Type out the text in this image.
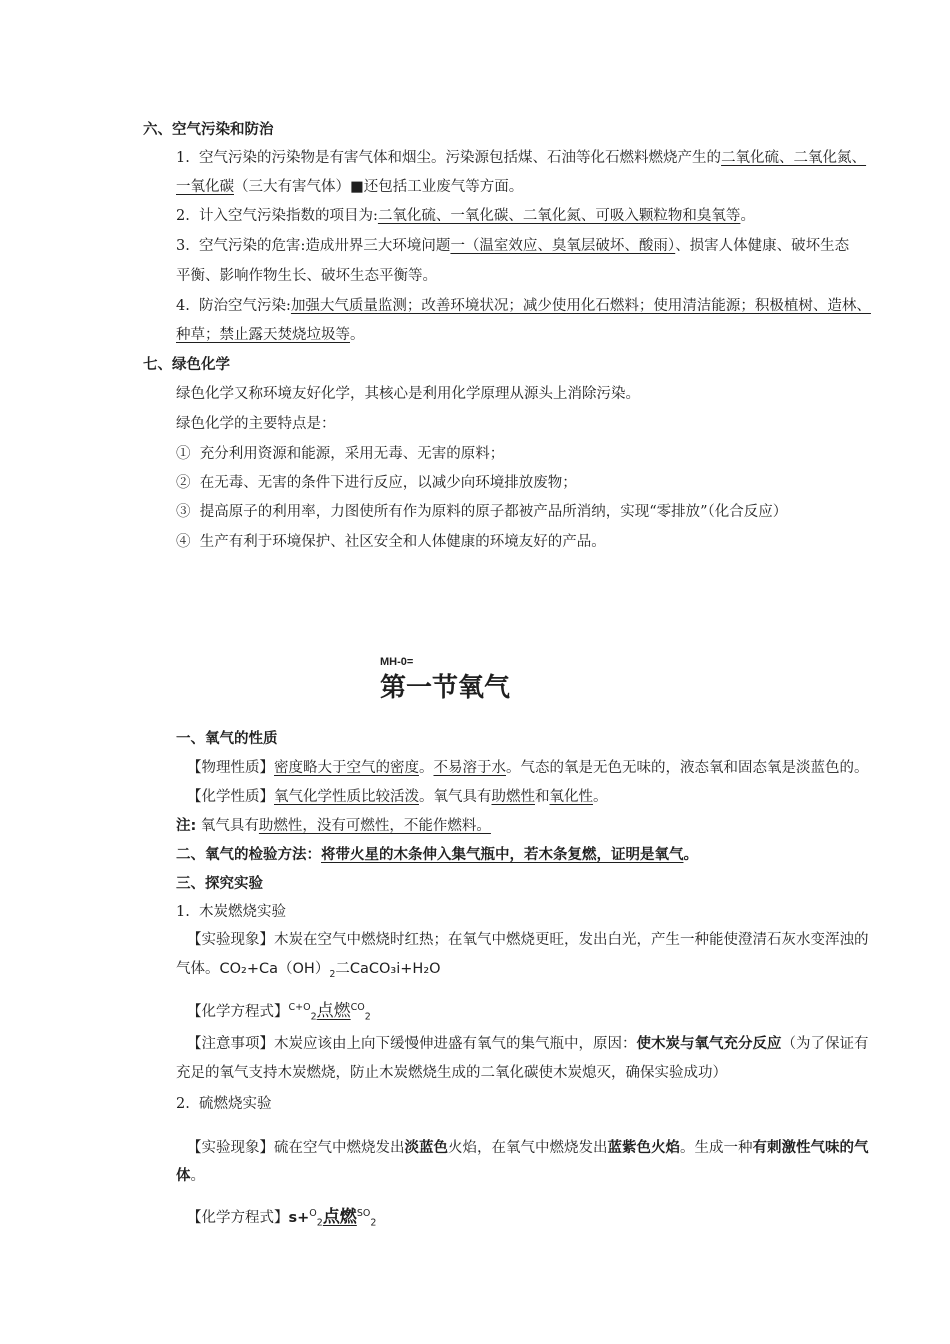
六、空气污染和防治
1.  空气污染的污染物是有害气体和烟尘。污染源包括煤、石油等化石燃料燃烧产生的二氧化硫、二氧化氮、
一氧化碳（三大有害气体）■还包括工业废气等方面。
2.  计入空气污染指数的项目为:二氧化硫、一氧化碳、二氧化氮、可吸入颗粒物和臭氧等。
3.  空气污染的危害:造成卅界三大环境问题一（温室效应、臭氧层破坏、酸雨）、损害人体健康、破坏生态
平衡、影响作物生长、破坏生态平衡等。
4.  防治空气污染:加强大气质量监测；改善环境状况；减少使用化石燃料；使用清洁能源；积极植树、造林、
种草；禁止露天焚烧垃圾等。
七、绿色化学
绿色化学又称环境友好化学，其核心是利用化学原理从源头上消除污染。
绿色化学的主要特点是：
①  充分利用资源和能源，采用无毒、无害的原料；
②  在无毒、无害的条件下进行反应，以减少向环境排放废物；
③  提高原子的利用率，力图使所有作为原料的原子都被产品所消纳，实现“零排放”（化合反应）
④  生产有利于环境保护、社区安全和人体健康的环境友好的产品。
MH-0=
第一节氧气
一、氧气的性质
【物理性质】密度略大于空气的密度。不易溶于水。气态的氧是无色无味的，液态氧和固态氧是淡蓝色的。
【化学性质】氧气化学性质比较活泼。氧气具有助燃性和氧化性。
注: 氧气具有助燃性，没有可燃性，不能作燃料。
二、氧气的检验方法：将带火星的木条伸入集气瓶中，若木条复燃，证明是氧气。
三、探究实验
1.  木炭燃烧实验
【实验现象】木炭在空气中燃烧时红热；在氧气中燃烧更旺，发出白光，产生一种能使澄清石灰水变浑浊的
气体。$CO_2+Ca(OH)_2$二CaCO₃i+H₂O
【化学方程式】$^{C+O}_2$点燃$^{CO}_2$
【注意事项】木炭应该由上向下缓慢伸进盛有氧气的集气瓶中，原因：使木炭与氧气充分反应（为了保证有
充足的氧气支持木炭燃烧，防止木炭燃烧生成的二氧化碳使木炭熄灭，确保实验成功）
2.  硫燃烧实验
【实验现象】硫在空气中燃烧发出淡蓝色火焰，在氧气中燃烧发出蓝紫色火焰。生成一种有刺激性气味的气
体。
【化学方程式】s+$^O_2$点燃$^{SO}_2$
